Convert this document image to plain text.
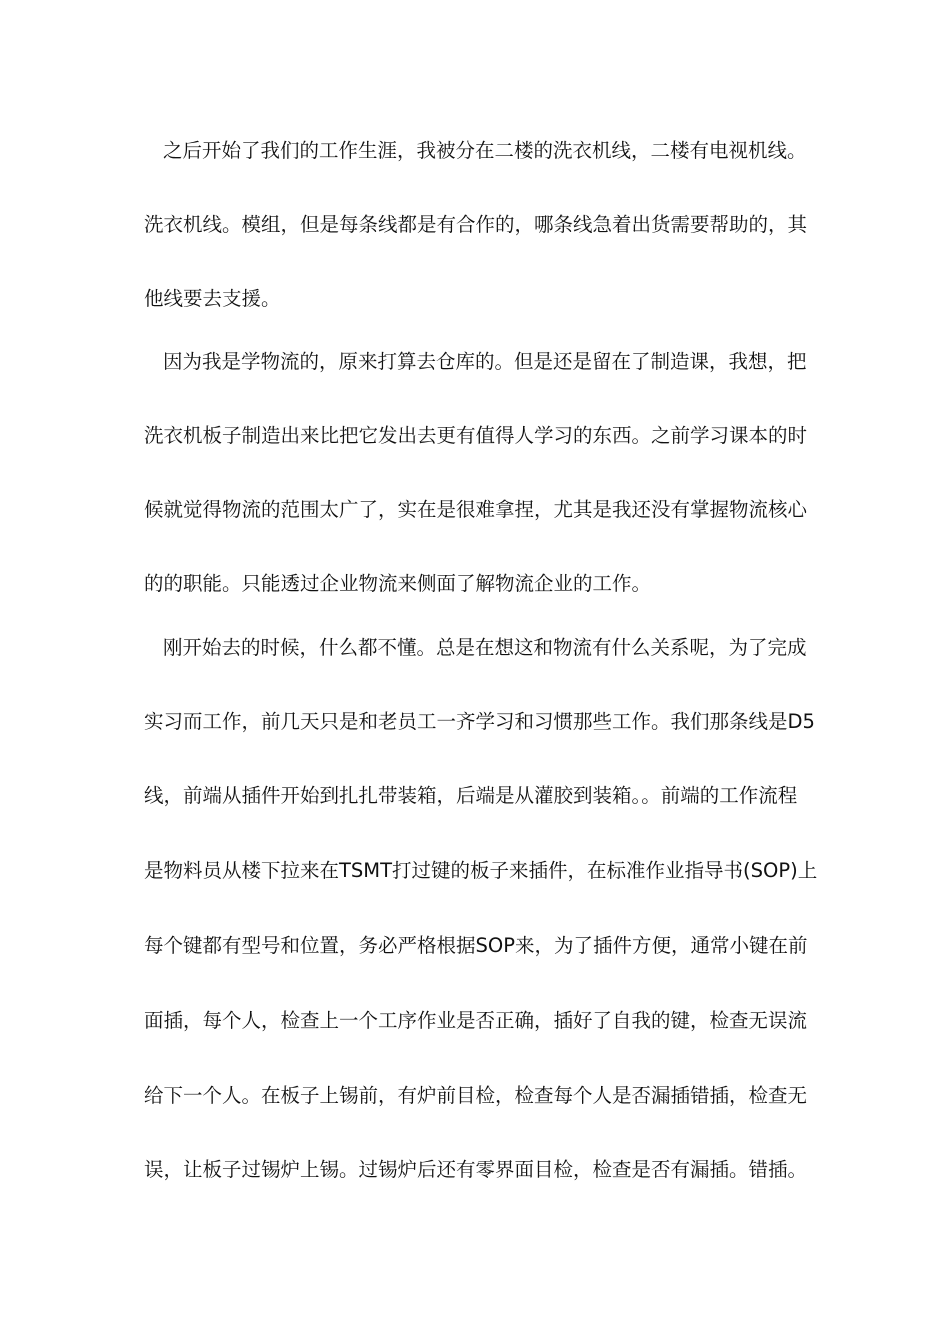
之后开始了我们的工作生涯，我被分在二楼的洗衣机线，二楼有电视机线。
洗衣机线。模组，但是每条线都是有合作的，哪条线急着出货需要帮助的，其
他线要去支援。
因为我是学物流的，原来打算去仓库的。但是还是留在了制造课，我想，把
洗衣机板子制造出来比把它发出去更有值得人学习的东西。之前学习课本的时
候就觉得物流的范围太广了，实在是很难拿捏，尤其是我还没有掌握物流核心
的的职能。只能透过企业物流来侧面了解物流企业的工作。
刚开始去的时候，什么都不懂。总是在想这和物流有什么关系呢，为了完成
实习而工作，前几天只是和老员工一齐学习和习惯那些工作。我们那条线是D5
线，前端从插件开始到扎扎带装箱，后端是从灌胶到装箱。。前端的工作流程
是物料员从楼下拉来在TSMT打过键的板子来插件，在标准作业指导书(SOP)上
每个键都有型号和位置，务必严格根据SOP来，为了插件方便，通常小键在前
面插，每个人，检查上一个工序作业是否正确，插好了自我的键，检查无误流
给下一个人。在板子上锡前，有炉前目检，检查每个人是否漏插错插，检查无
误，让板子过锡炉上锡。过锡炉后还有零界面目检，检查是否有漏插。错插。
